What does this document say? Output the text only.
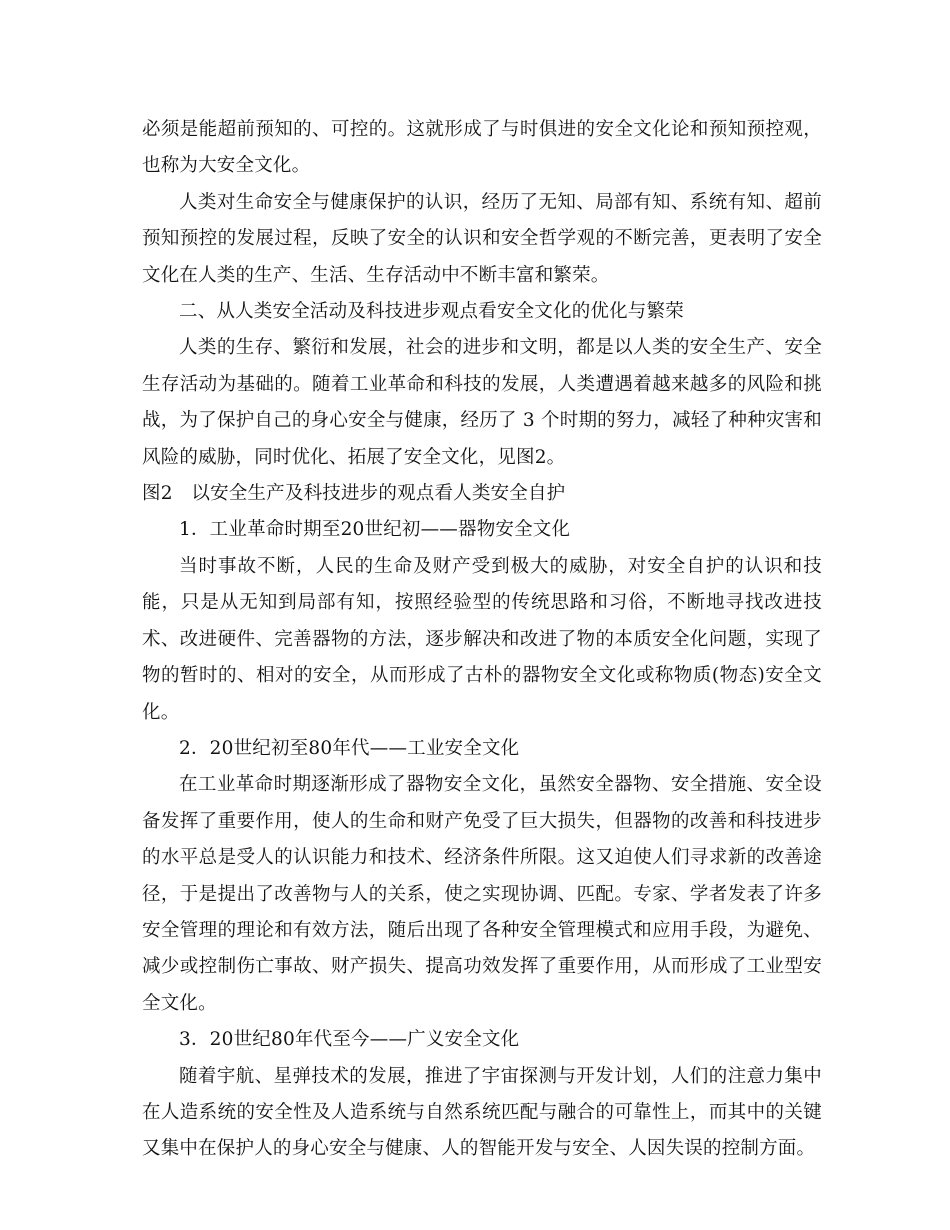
必须是能超前预知的、可控的。这就形成了与时俱进的安全文化论和预知预控观，也称为大安全文化。

人类对生命安全与健康保护的认识，经历了无知、局部有知、系统有知、超前预知预控的发展过程，反映了安全的认识和安全哲学观的不断完善，更表明了安全文化在人类的生产、生活、生存活动中不断丰富和繁荣。

二、从人类安全活动及科技进步观点看安全文化的优化与繁荣

人类的生存、繁衍和发展，社会的进步和文明，都是以人类的安全生产、安全生存活动为基础的。随着工业革命和科技的发展，人类遭遇着越来越多的风险和挑战，为了保护自己的身心安全与健康，经历了 3 个时期的努力，减轻了种种灾害和风险的威胁，同时优化、拓展了安全文化，见图2。

图2　以安全生产及科技进步的观点看人类安全自护

1．工业革命时期至20世纪初——器物安全文化

当时事故不断，人民的生命及财产受到极大的威胁，对安全自护的认识和技能，只是从无知到局部有知，按照经验型的传统思路和习俗，不断地寻找改进技术、改进硬件、完善器物的方法，逐步解决和改进了物的本质安全化问题，实现了物的暂时的、相对的安全，从而形成了古朴的器物安全文化或称物质(物态)安全文化。

2．20世纪初至80年代——工业安全文化

在工业革命时期逐渐形成了器物安全文化，虽然安全器物、安全措施、安全设备发挥了重要作用，使人的生命和财产免受了巨大损失，但器物的改善和科技进步的水平总是受人的认识能力和技术、经济条件所限。这又迫使人们寻求新的改善途径，于是提出了改善物与人的关系，使之实现协调、匹配。专家、学者发表了许多安全管理的理论和有效方法，随后出现了各种安全管理模式和应用手段，为避免、减少或控制伤亡事故、财产损失、提高功效发挥了重要作用，从而形成了工业型安全文化。

3．20世纪80年代至今——广义安全文化

随着宇航、星弹技术的发展，推进了宇宙探测与开发计划，人们的注意力集中在人造系统的安全性及人造系统与自然系统匹配与融合的可靠性上，而其中的关键又集中在保护人的身心安全与健康、人的智能开发与安全、人因失误的控制方面。
